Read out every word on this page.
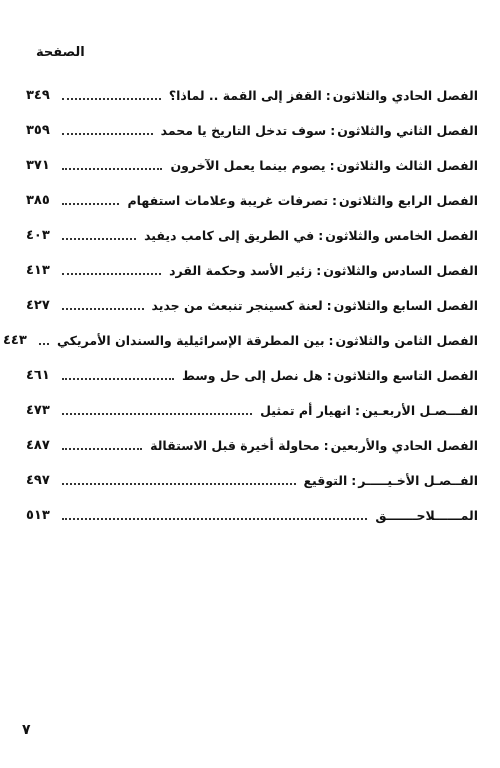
الصفحة
الفصل الحادي والثلاثون
:
القفز إلى القمة .. لماذا؟
٣٤٩
الفصل الثاني والثلاثون
:
سوف تدخل التاريخ يا محمد
٣٥٩
الفصل الثالث والثلاثون
:
يصوم بينما يعمل الآخرون
٣٧١
الفصل الرابع والثلاثون
:
تصرفات غريبة وعلامات استفهام
٣٨٥
الفصل الخامس والثلاثون
:
في الطريق إلى كامب ديفيد
٤٠٣
الفصل السادس والثلاثون
:
زئير الأسد وحكمة القرد
٤١٣
الفصل السابع والثلاثون
:
لعنة كسينجر تنبعث من جديد
٤٢٧
الفصل الثامن والثلاثون
:
بين المطرقة الإسرائيلية والسندان الأمريكي
٤٤٣
الفصل التاسع والثلاثون
:
هل نصل إلى حل وسط
٤٦١
الفـــصـل الأربعـين
:
انهيار أم تمثيل
٤٧٣
الفصل الحادي والأربعين
:
محاولة أخيرة قبل الاستقالة
٤٨٧
الفــصـل الأخـيـــــر
:
التوقيع
٤٩٧
المــــــلاحـــــــق
٥١٣
٧
